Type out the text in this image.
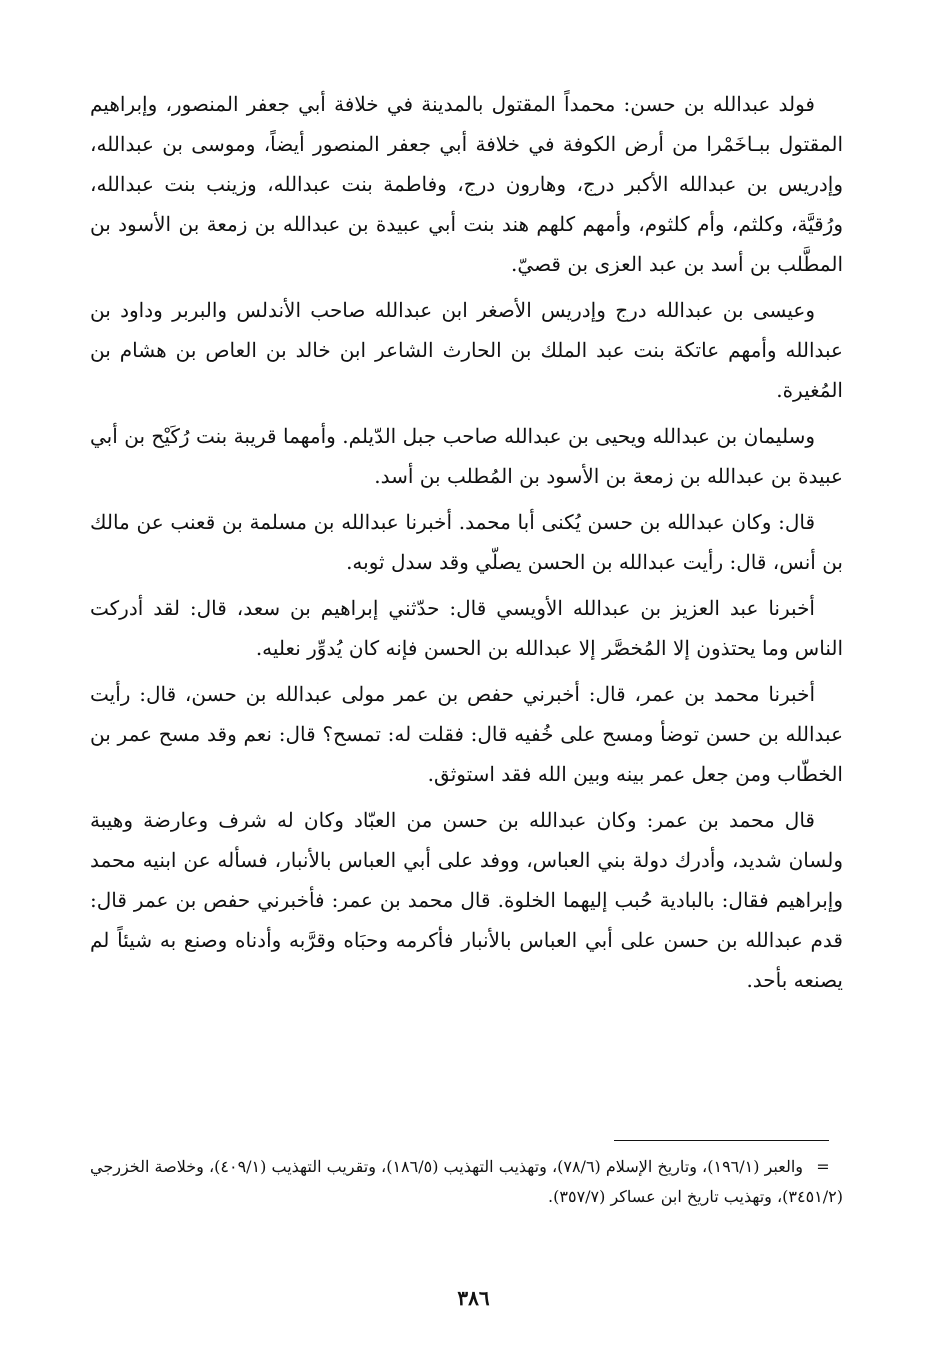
فولد عبدالله بن حسن: محمداً المقتول بالمدينة في خلافة أبي جعفر المنصور، وإبراهيم المقتول ببـاخَمْرا من أرض الكوفة في خلافة أبي جعفر المنصور أيضاً، وموسى بن عبدالله، وإدريس بن عبدالله الأكبر درج، وهارون درج، وفاطمة بنت عبدالله، وزينب بنت عبدالله، ورُقيَّة، وكلثم، وأم كلثوم، وأمهم كلهم هند بنت أبي عبيدة بن عبدالله بن زمعة بن الأسود بن المطَّلب بن أسد بن عبد العزى بن قصيّ.

وعيسى بن عبدالله درج وإدريس الأصغر ابن عبدالله صاحب الأندلس والبربر وداود بن عبدالله وأمهم عاتكة بنت عبد الملك بن الحارث الشاعر ابن خالد بن العاص بن هشام بن المُغيرة.

وسليمان بن عبدالله ويحيى بن عبدالله صاحب جبل الدّيلم. وأمهما قريبة بنت رُكَيْح بن أبي عبيدة بن عبدالله بن زمعة بن الأسود بن المُطلب بن أسد.

قال: وكان عبدالله بن حسن يُكنى أبا محمد. أخبرنا عبدالله بن مسلمة بن قعنب عن مالك بن أنس، قال: رأيت عبدالله بن الحسن يصلّي وقد سدل ثوبه.

أخبرنا عبد العزيز بن عبدالله الأويسي قال: حدّثني إبراهيم بن سعد، قال: لقد أدركت الناس وما يحتذون إلا المُخصَّر إلا عبدالله بن الحسن فإنه كان يُدوِّر نعليه.

أخبرنا محمد بن عمر، قال: أخبرني حفص بن عمر مولى عبدالله بن حسن، قال: رأيت عبدالله بن حسن توضأ ومسح على خُفيه قال: فقلت له: تمسح؟ قال: نعم وقد مسح عمر بن الخطّاب ومن جعل عمر بينه وبين الله فقد استوثق.

قال محمد بن عمر: وكان عبدالله بن حسن من العبّاد وكان له شرف وعارضة وهيبة ولسان شديد، وأدرك دولة بني العباس، ووفد على أبي العباس بالأنبار، فسأله عن ابنيه محمد وإبراهيم فقال: بالبادية حُبب إليهما الخلوة. قال محمد بن عمر: فأخبرني حفص بن عمر قال: قدم عبدالله بن حسن على أبي العباس بالأنبار فأكرمه وحبَاه وقرَّبه وأدناه وصنع به شيئاً لم يصنعه بأحد.

=والعبر (١٩٦/١)، وتاريخ الإسلام (٧٨/٦)، وتهذيب التهذيب (١٨٦/٥)، وتقريب التهذيب (٤٠٩/١)، وخلاصة الخزرجي (٣٤٥١/٢)، وتهذيب تاريخ ابن عساكر (٣٥٧/٧).
٣٨٦
